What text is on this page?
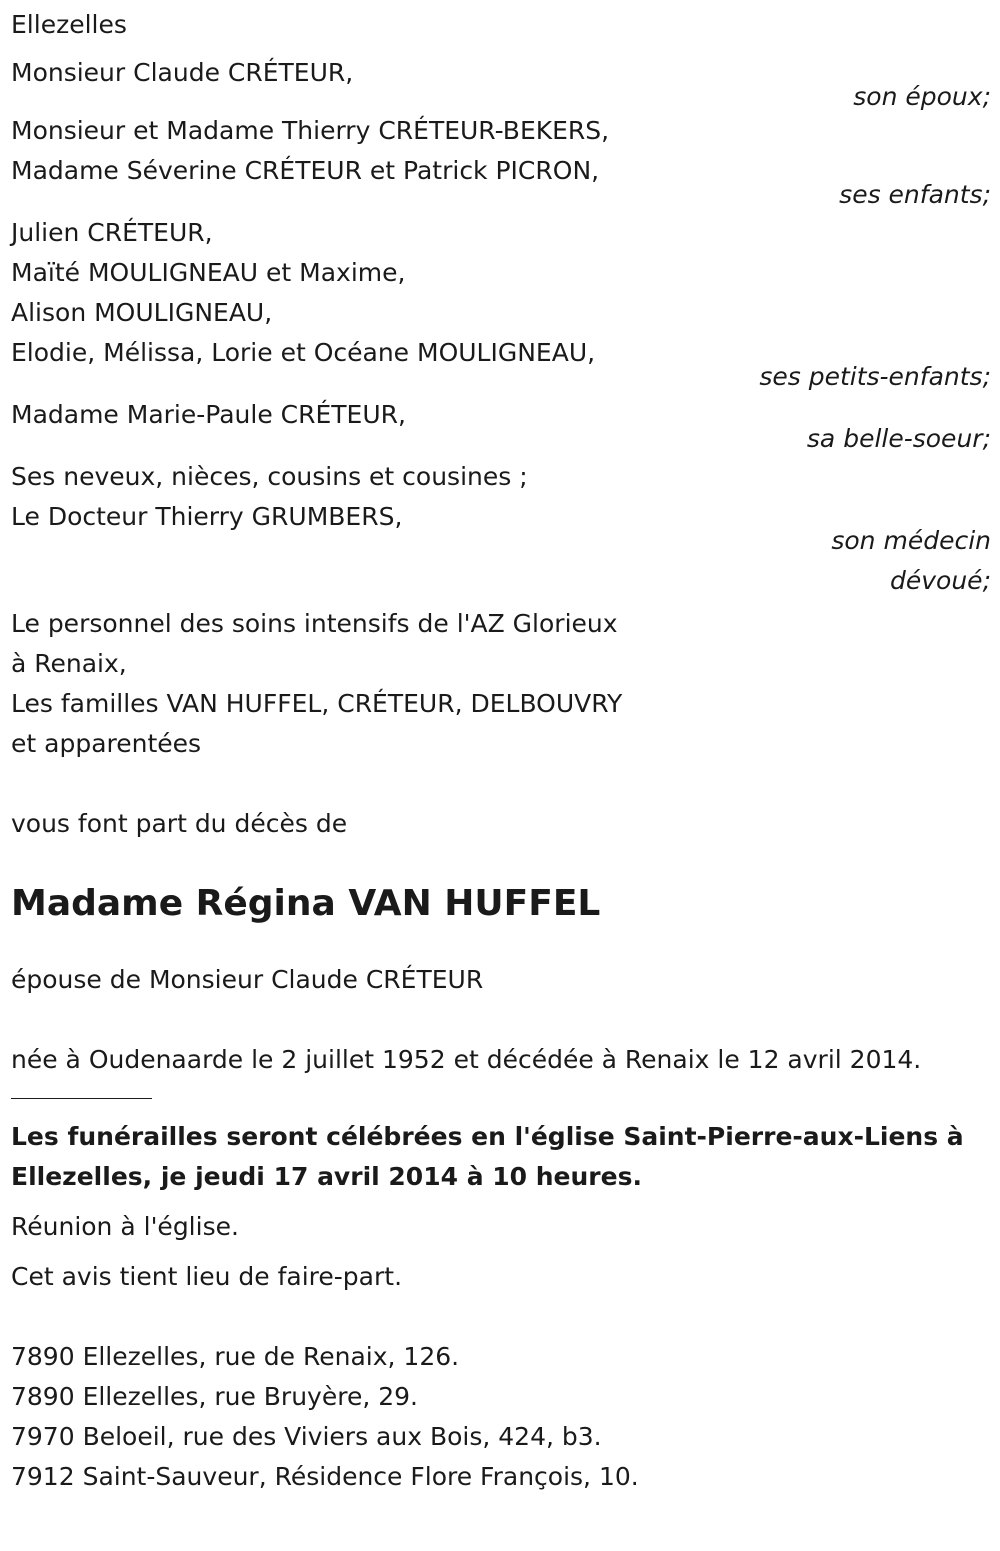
Ellezelles
Monsieur Claude CRÉTEUR,
son époux;
Monsieur et Madame Thierry CRÉTEUR-BEKERS,
Madame Séverine CRÉTEUR et Patrick PICRON,
ses enfants;
Julien CRÉTEUR,
Maïté MOULIGNEAU et Maxime,
Alison MOULIGNEAU,
Elodie, Mélissa, Lorie et Océane MOULIGNEAU,
ses petits-enfants;
Madame Marie-Paule CRÉTEUR,
sa belle-soeur;
Ses neveux, nièces, cousins et cousines ;
Le Docteur Thierry GRUMBERS,
son médecin
dévoué;
Le personnel des soins intensifs de l'AZ Glorieux
à Renaix,
Les familles VAN HUFFEL, CRÉTEUR, DELBOUVRY
et apparentées
vous font part du décès de
Madame Régina VAN HUFFEL
épouse de Monsieur Claude CRÉTEUR
née à Oudenaarde le 2 juillet 1952 et décédée à Renaix le 12 avril 2014.
Les funérailles seront célébrées en l'église Saint-Pierre-aux-Liens à
Ellezelles, je jeudi 17 avril 2014 à 10 heures.
Réunion à l'église.
Cet avis tient lieu de faire-part.
7890 Ellezelles, rue de Renaix, 126.
7890 Ellezelles, rue Bruyère, 29.
7970 Beloeil, rue des Viviers aux Bois, 424, b3.
7912 Saint-Sauveur, Résidence Flore François, 10.
